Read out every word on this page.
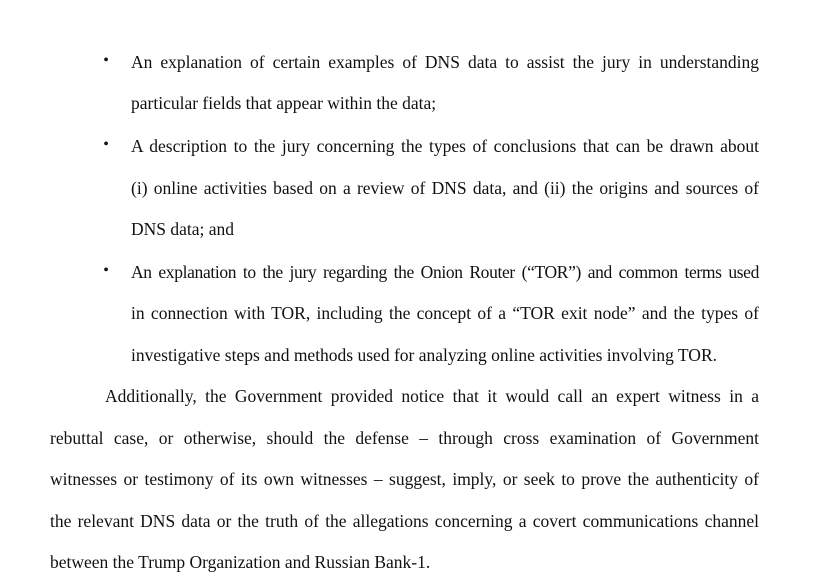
• An explanation of certain examples of DNS data to assist the jury in understanding
particular fields that appear within the data;
• A description to the jury concerning the types of conclusions that can be drawn about
(i) online activities based on a review of DNS data, and (ii) the origins and sources of
DNS data; and
• An explanation to the jury regarding the Onion Router (“TOR”) and common terms used
in connection with TOR, including the concept of a “TOR exit node” and the types of
investigative steps and methods used for analyzing online activities involving TOR.
Additionally, the Government provided notice that it would call an expert witness in a
rebuttal case, or otherwise, should the defense – through cross examination of Government
witnesses or testimony of its own witnesses – suggest, imply, or seek to prove the authenticity of
the relevant DNS data or the truth of the allegations concerning a covert communications channel
between the Trump Organization and Russian Bank-1.
